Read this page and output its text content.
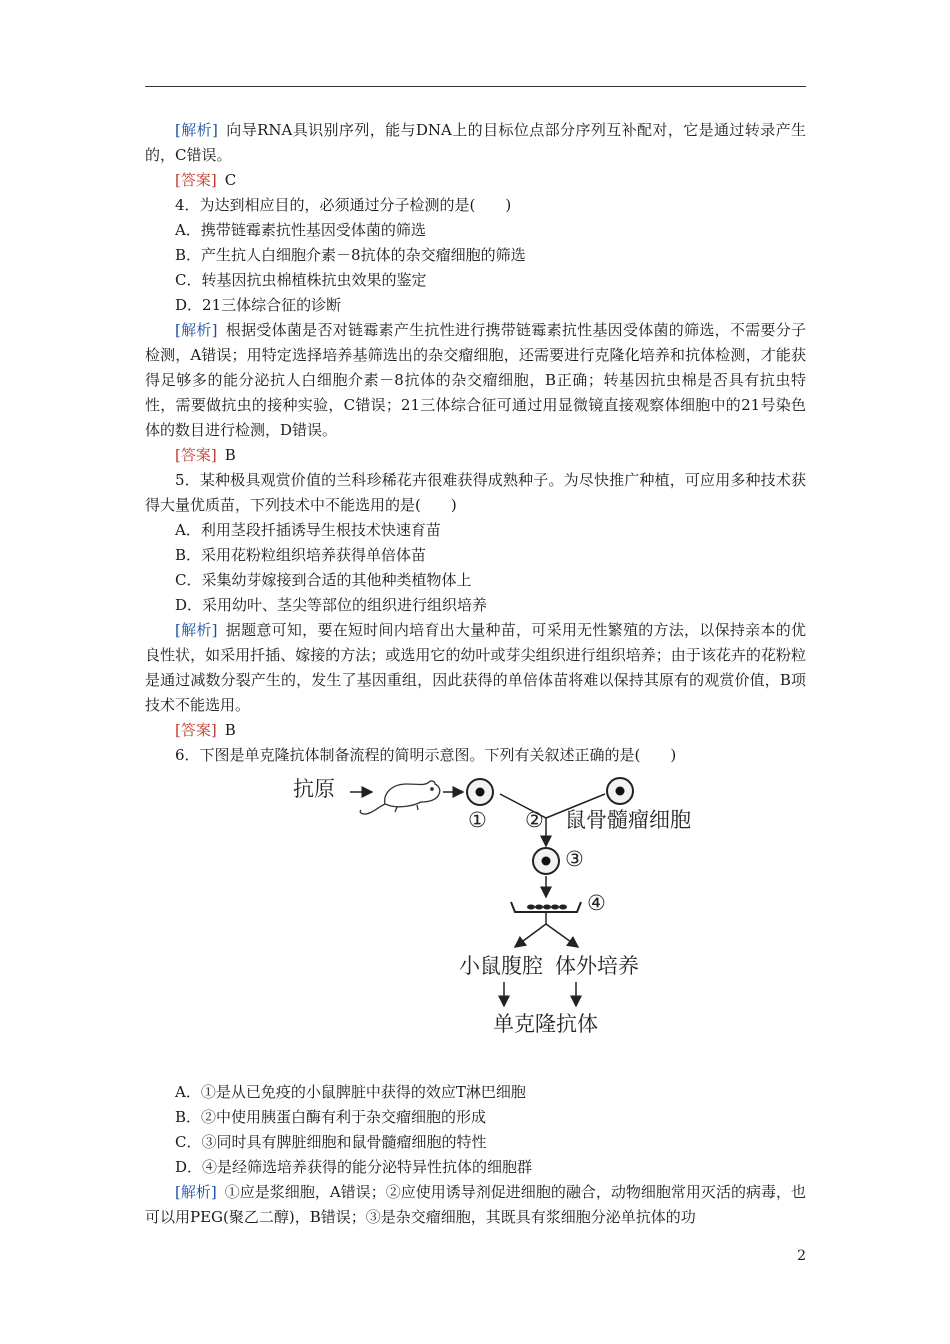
[解析] 向导RNA具识别序列，能与DNA上的目标位点部分序列互补配对，它是通过转录产生的，C错误。

[答案] C

4．为达到相应目的，必须通过分子检测的是(　　)

A．携带链霉素抗性基因受体菌的筛选

B．产生抗人白细胞介素－8抗体的杂交瘤细胞的筛选

C．转基因抗虫棉植株抗虫效果的鉴定

D．21三体综合征的诊断

[解析] 根据受体菌是否对链霉素产生抗性进行携带链霉素抗性基因受体菌的筛选，不需要分子检测，A错误；用特定选择培养基筛选出的杂交瘤细胞，还需要进行克隆化培养和抗体检测，才能获得足够多的能分泌抗人白细胞介素－8抗体的杂交瘤细胞，B正确；转基因抗虫棉是否具有抗虫特性，需要做抗虫的接种实验，C错误；21三体综合征可通过用显微镜直接观察体细胞中的21号染色体的数目进行检测，D错误。

[答案] B

5．某种极具观赏价值的兰科珍稀花卉很难获得成熟种子。为尽快推广种植，可应用多种技术获得大量优质苗，下列技术中不能选用的是(　　)

A．利用茎段扦插诱导生根技术快速育苗

B．采用花粉粒组织培养获得单倍体苗

C．采集幼芽嫁接到合适的其他种类植物体上

D．采用幼叶、茎尖等部位的组织进行组织培养

[解析] 据题意可知，要在短时间内培育出大量种苗，可采用无性繁殖的方法，以保持亲本的优良性状，如采用扦插、嫁接的方法；或选用它的幼叶或芽尖组织进行组织培养；由于该花卉的花粉粒是通过减数分裂产生的，发生了基因重组，因此获得的单倍体苗将难以保持其原有的观赏价值，B项技术不能选用。

[答案] B

6．下图是单克隆抗体制备流程的简明示意图。下列有关叙述正确的是(　　)

抗原
① ② 鼠骨髓瘤细胞
③
④
小鼠腹腔 体外培养
单克隆抗体

A．①是从已免疫的小鼠脾脏中获得的效应T淋巴细胞

B．②中使用胰蛋白酶有利于杂交瘤细胞的形成

C．③同时具有脾脏细胞和鼠骨髓瘤细胞的特性

D．④是经筛选培养获得的能分泌特异性抗体的细胞群

[解析] ①应是浆细胞，A错误；②应使用诱导剂促进细胞的融合，动物细胞常用灭活的病毒，也可以用PEG(聚乙二醇)，B错误；③是杂交瘤细胞，其既具有浆细胞分泌单抗体的功

2
